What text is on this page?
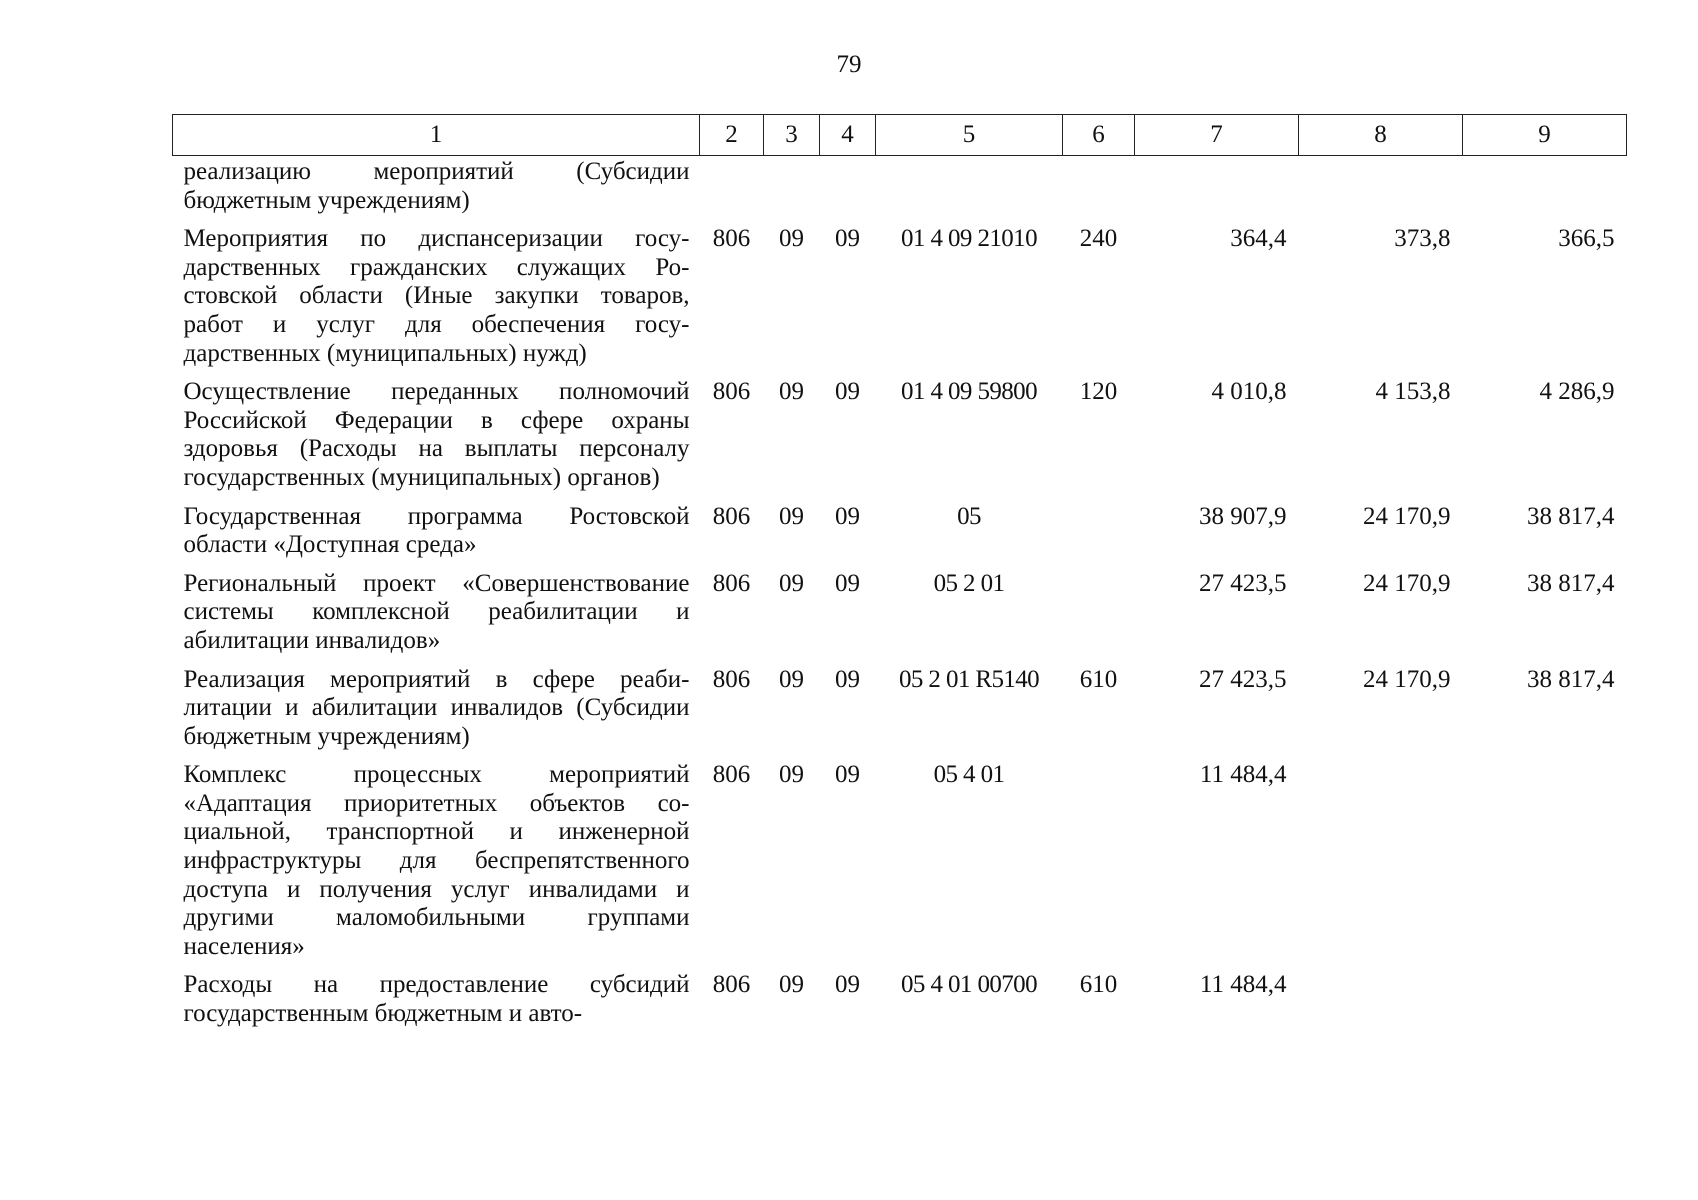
79
1	2	3	4	5	6	7	8	9
реализацию мероприятий (Субсидии бюджетным учреждениям)								
Мероприятия по диспансеризации государственных гражданских служащих Ростовской области (Иные закупки товаров, работ и услуг для обеспечения государственных (муниципальных) нужд)	806	09	09	01 4 09 21010	240	364,4	373,8	366,5
Осуществление переданных полномочий Российской Федерации в сфере охраны здоровья (Расходы на выплаты персоналу государственных (муниципальных) органов)	806	09	09	01 4 09 59800	120	4 010,8	4 153,8	4 286,9
Государственная программа Ростовской области «Доступная среда»	806	09	09	05		38 907,9	24 170,9	38 817,4
Региональный проект «Совершенствование системы комплексной реабилитации и абилитации инвалидов»	806	09	09	05 2 01		27 423,5	24 170,9	38 817,4
Реализация мероприятий в сфере реабилитации и абилитации инвалидов (Субсидии бюджетным учреждениям)	806	09	09	05 2 01 R5140	610	27 423,5	24 170,9	38 817,4
Комплекс процессных мероприятий «Адаптация приоритетных объектов социальной, транспортной и инженерной инфраструктуры для беспрепятственного доступа и получения услуг инвалидами и другими маломобильными группами населения»	806	09	09	05 4 01		11 484,4		
Расходы на предоставление субсидий государственным бюджетным и авто-	806	09	09	05 4 01 00700	610	11 484,4		
